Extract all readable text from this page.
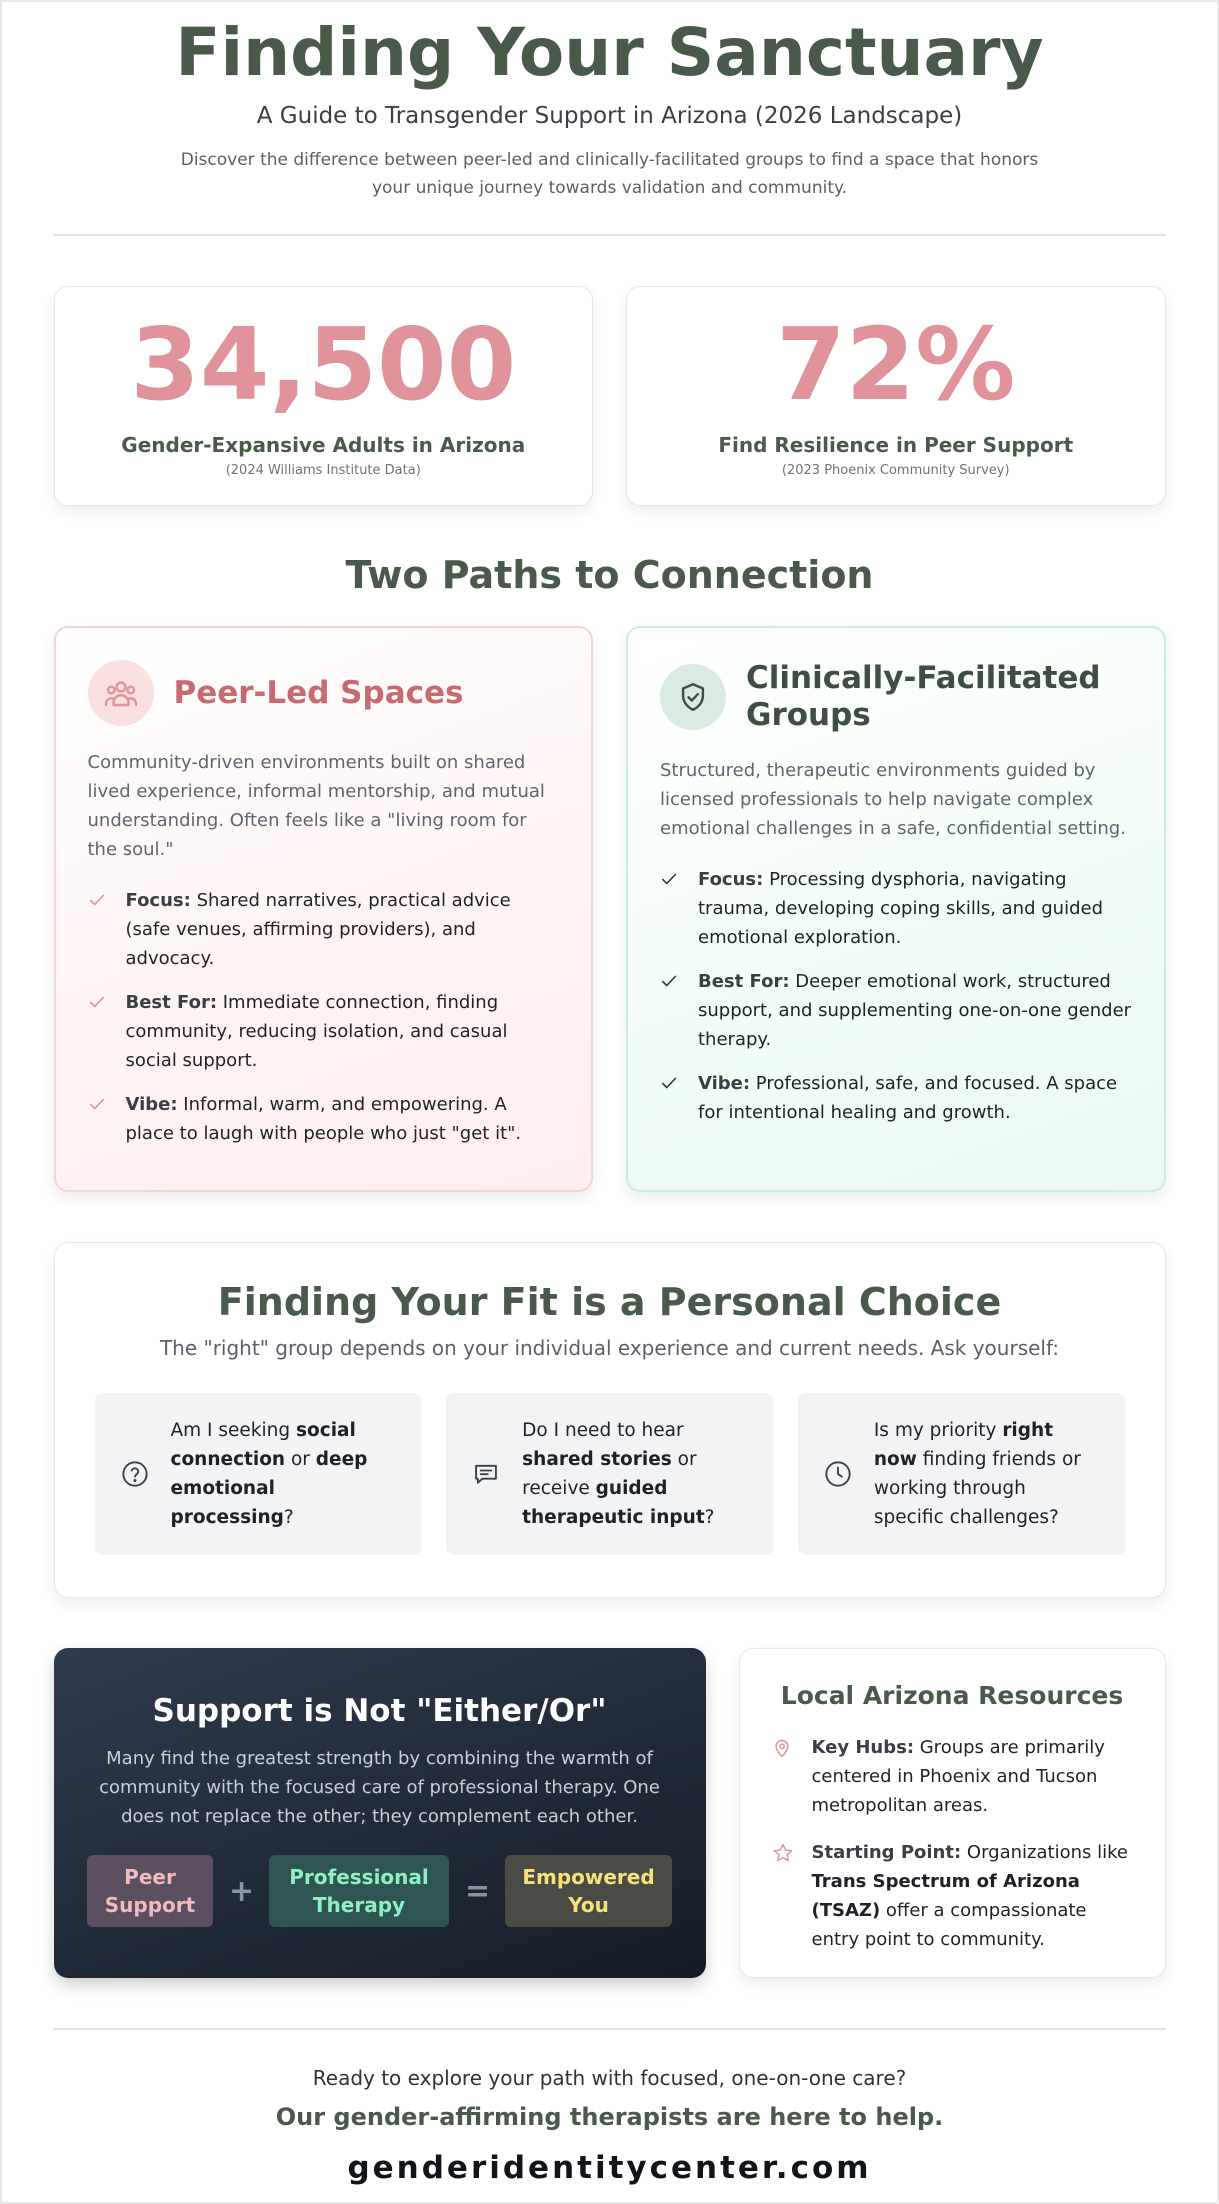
Finding Your Sanctuary
A Guide to Transgender Support in Arizona (2026 Landscape)

Discover the difference between peer-led and clinically-facilitated groups to find a space that honors your unique journey towards validation and community.

34,500
Gender-Expansive Adults in Arizona
(2024 Williams Institute Data)
72%
Find Resilience in Peer Support
(2023 Phoenix Community Survey)
Two Paths to Connection
Peer-Led Spaces

Community-driven environments built on shared lived experience, informal mentorship, and mutual understanding. Often feels like a "living room for the soul."

Focus: Shared narratives, practical advice (safe venues, affirming providers), and advocacy.
Best For: Immediate connection, finding community, reducing isolation, and casual social support.
Vibe: Informal, warm, and empowering. A place to laugh with people who just "get it".
Clinically-Facilitated Groups

Structured, therapeutic environments guided by licensed professionals to help navigate complex emotional challenges in a safe, confidential setting.

Focus: Processing dysphoria, navigating trauma, developing coping skills, and guided emotional exploration.
Best For: Deeper emotional work, structured support, and supplementing one-on-one gender therapy.
Vibe: Professional, safe, and focused. A space for intentional healing and growth.
Finding Your Fit is a Personal Choice

The "right" group depends on your individual experience and current needs. Ask yourself:

Am I seeking social connection or deep emotional processing?
Do I need to hear shared stories or receive guided therapeutic input?
Is my priority right now finding friends or working through specific challenges?
Support is Not "Either/Or"

Many find the greatest strength by combining the warmth of community with the focused care of professional therapy. One does not replace the other; they complement each other.

Peer Support	+	Professional Therapy	=	Empowered You
Local Arizona Resources
Key Hubs: Groups are primarily centered in Phoenix and Tucson metropolitan areas.
Starting Point: Organizations like Trans Spectrum of Arizona (TSAZ) offer a compassionate entry point to community.

Ready to explore your path with focused, one-on-one care?

Our gender-affirming therapists are here to help.

genderidentitycenter.com
